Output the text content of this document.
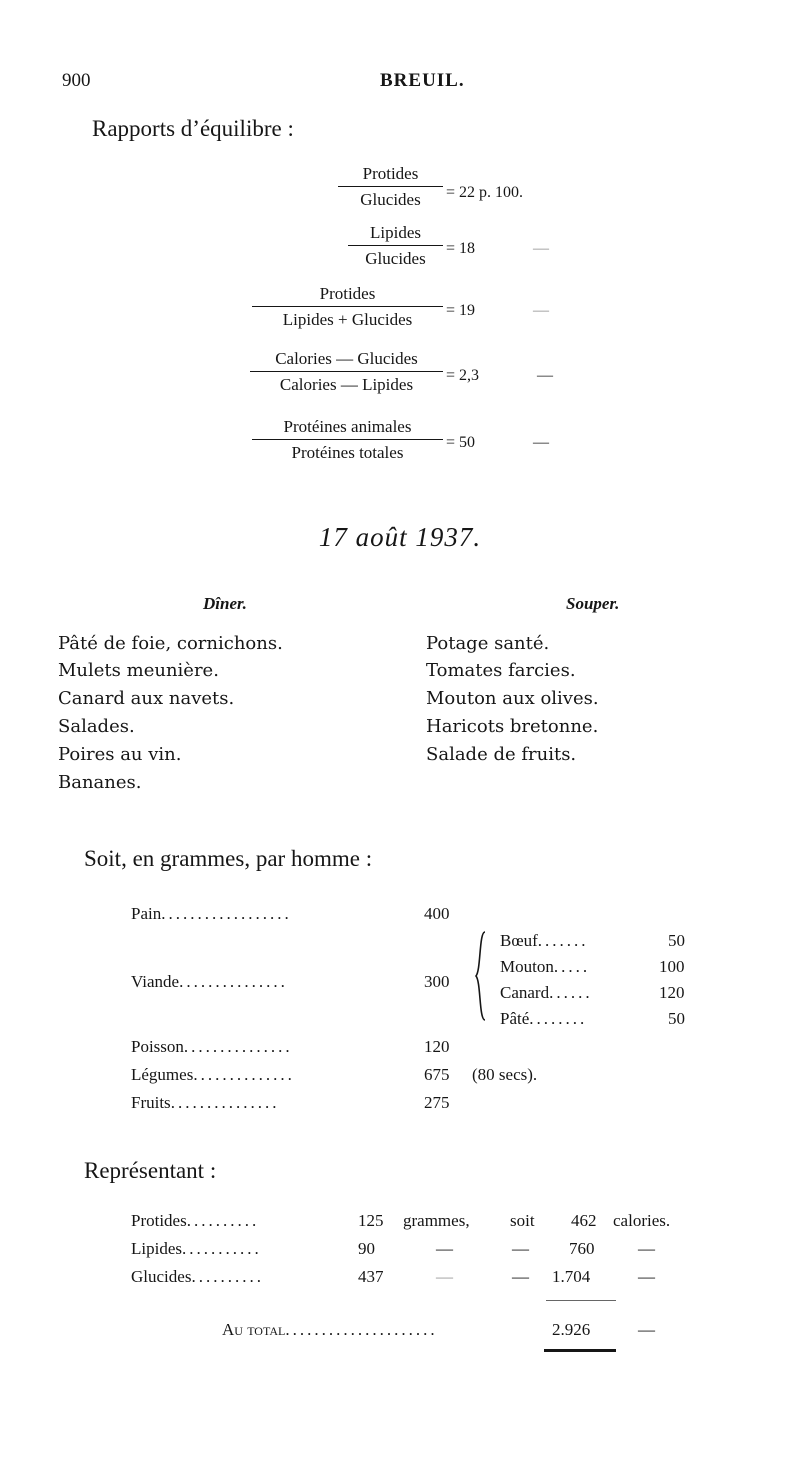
900	BREUIL.
Rapports d’équilibre :
Protides
Glucides	= 22 p. 100.
Lipides
Glucides
= 18	—
Protides
Lipides + Glucides	= 19	—
Calories — Glucides
Calories — Lipides	= 2,3	—
Protéines animales
Protéines totales
= 50	—
17 août 1937.
Dîner.	Souper.
Pâté de foie, cornichons.
Mulets meunière.
Canard aux navets.
Salades.
Poires au vin.
Bananes.
Potage santé.
Tomates farcies.
Mouton aux olives.
Haricots bretonne.
Salade de fruits.
Soit, en grammes, par homme :
Pain..................	400
Viande...............	300
Bœuf.......	50
Mouton.....	100
Canard......	120
Pâté........	50
Poisson...............	120
Légumes..............	675 (80 secs).
Fruits...............	275
Représentant :
Protides..........	125 grammes, soit 462 calories.
Lipides...........	90	—	— 760	—
Glucides..........	437	—	— 1.704	—
Au total.....................	2.926	—
